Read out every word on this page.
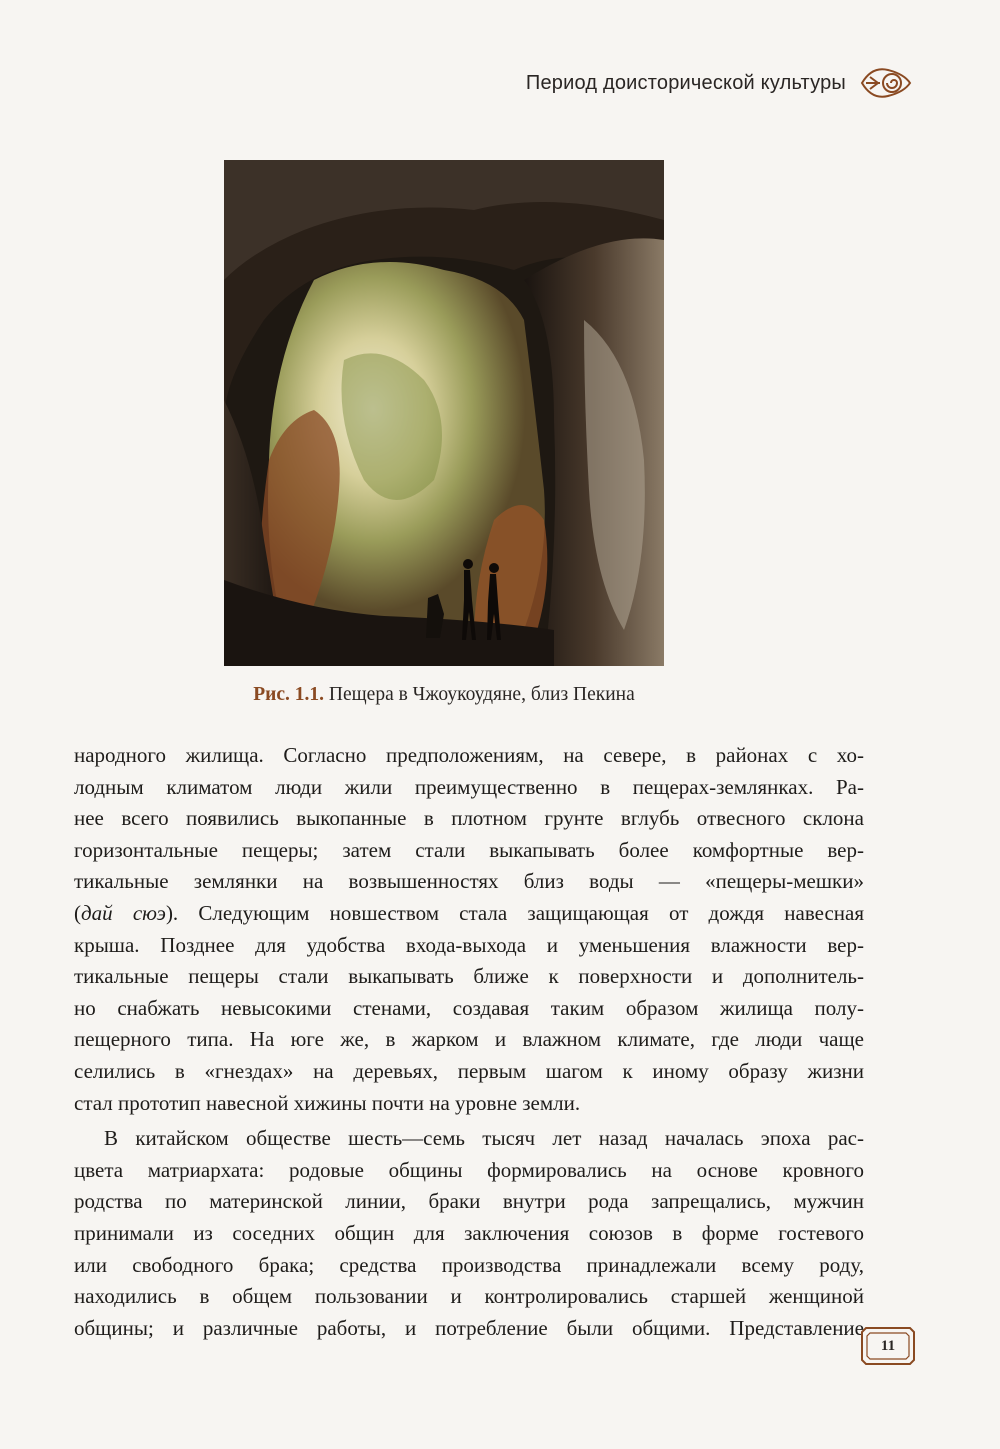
Период доисторической культуры
Рис. 1.1. Пещера в Чжоукоудяне, близ Пекина

народного жилища. Согласно предположениям, на севере, в районах с хо-
лодным климатом люди жили преимущественно в пещерах-землянках. Ра-
нее всего появились выкопанные в плотном грунте вглубь отвесного склона
горизонтальные пещеры; затем стали выкапывать более комфортные вер-
тикальные землянки на возвышенностях близ воды — «пещеры-мешки»
(дай сюэ). Следующим новшеством стала защищающая от дождя навесная
крыша. Позднее для удобства входа-выхода и уменьшения влажности вер-
тикальные пещеры стали выкапывать ближе к поверхности и дополнитель-
но снабжать невысокими стенами, создавая таким образом жилища полу-
пещерного типа. На юге же, в жарком и влажном климате, где люди чаще
селились в «гнездах» на деревьях, первым шагом к иному образу жизни
стал прототип навесной хижины почти на уровне земли.

В китайском обществе шесть—семь тысяч лет назад началась эпоха рас-
цвета матриархата: родовые общины формировались на основе кровного
родства по материнской линии, браки внутри рода запрещались, мужчин
принимали из соседних общин для заключения союзов в форме гостевого
или свободного брака; средства производства принадлежали всему роду,
находились в общем пользовании и контролировались старшей женщиной
общины; и различные работы, и потребление были общими. Представление

11
